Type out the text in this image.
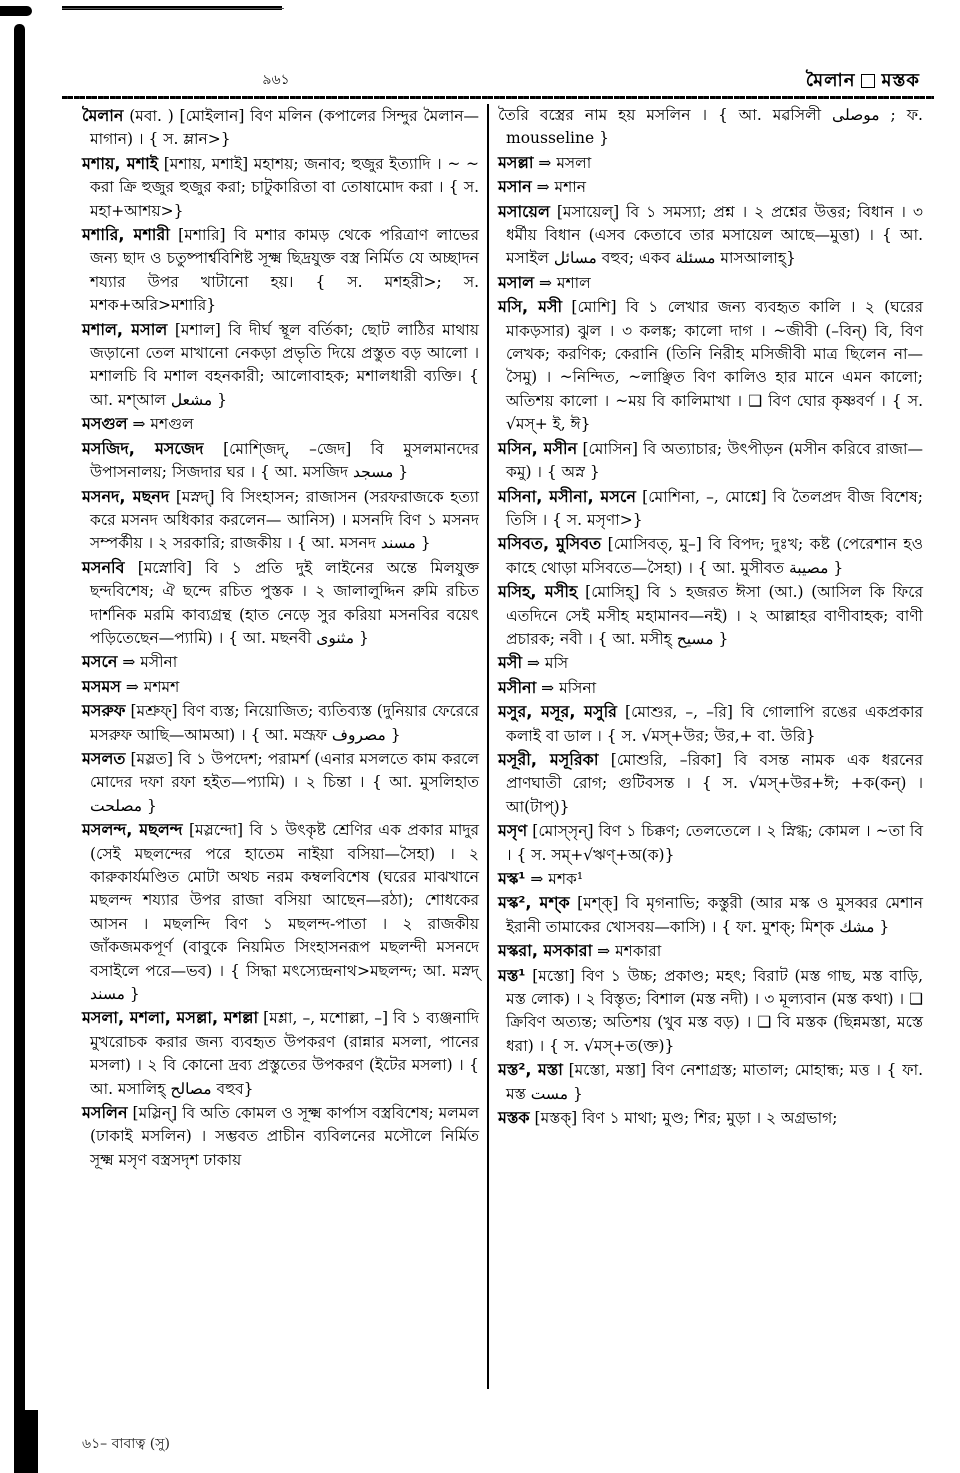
৯৬১	মৈলান মস্তক

মৈলান (মবা. ) [মোইলান] বিণ মলিন (কপালের সিন্দুর মৈলান— মাগান) । { স. ম্লান>}

মশায়, মশাই [মশায়, মশাই] মহাশয়; জনাব; হুজুর ইত্যাদি । ~ ~ করা ক্রি হুজুর হুজুর করা; চাটুকারিতা বা তোষামোদ করা । { স. মহা+আশয়>}

মশারি, মশারী [মশারি] বি মশার কামড় থেকে পরিত্রাণ লাভের জন্য ছাদ ও চতুষ্পার্শ্ববিশিষ্ট সূক্ষ্ম ছিদ্রযুক্ত বস্ত্র নির্মিত যে অচ্ছাদন শয্যার উপর খাটানো হয়। { স. মশহরী>; স. মশক+অরি>মশারি}

মশাল, মসাল [মশাল] বি দীর্ঘ স্থূল বর্তিকা; ছোট লাঠির মাথায় জড়ানো তেল মাখানো নেকড়া প্রভৃতি দিয়ে প্রস্তুত বড় আলো । মশালচি বি মশাল বহনকারী; আলোবাহক; মশালধারী ব্যক্তি। { আ. মশ্আল مشعل }

মসগুল ⇒ মশগুল

মসজিদ, মসজেদ [মোশ্জিদ্, –জেদ] বি মুসলমানদের উপাসনালয়; সিজদার ঘর । { আ. মসজিদ مسجد }

মসনদ, মছনদ [মস্নদ্] বি সিংহাসন; রাজাসন (সরফরাজকে হত্যা করে মসনদ অধিকার করলেন— আনিস) । মসনদি বিণ ১ মসনদ সম্পর্কীয় । ২ সরকারি; রাজকীয় । { আ. মসনদ مسند }

মসনবি [মস্নোবি] বি ১ প্রতি দুই লাইনের অন্তে মিলযুক্ত ছন্দবিশেষ; ঐ ছন্দে রচিত পুস্তক । ২ জালালুদ্দিন রুমি রচিত দার্শনিক মরমি কাব্যগ্রন্থ (হাত নেড়ে সুর করিয়া মসনবির বয়েৎ পড়িতেছেন—প্যামি) । { আ. মছনবী مثنوی }

মসনে ⇒ মসীনা

মসমস ⇒ মশমশ

মসরুফ [মশ্রুফ্] বিণ ব্যস্ত; নিয়োজিত; ব্যতিব্যস্ত (দুনিয়ার ফেরেরে মসরুফ আছি—আমআ) । { আ. মস্রূফ مصروف }

মসলত [মস্লত] বি ১ উপদেশ; পরামর্শ (এনার মসলতে কাম করলে মোদের দফা রফা হইত—প্যামি) । ২ চিন্তা । { আ. মুসলিহাত مصلحت }

মসলন্দ, মছলন্দ [মস্লন্দো] বি ১ উৎকৃষ্ট শ্রেণির এক প্রকার মাদুর (সেই মছলন্দের পরে হাতেম নাইয়া বসিয়া—সৈহা) । ২ কারুকার্যমণ্ডিত মোটা অথচ নরম কম্বলবিশেষ (ঘরের মাঝখানে মছলন্দ শয্যার উপর রাজা বসিয়া আছেন—রঠা); শোধকের আসন । মছলন্দি বিণ ১ মছলন্দ-পাতা । ২ রাজকীয় জাঁকজমকপূর্ণ (বাবুকে নিয়মিত সিংহাসনরূপ মছলন্দী মসনদে বসাইলে পরে—ভব) । { সিদ্ধা মৎস্যেন্দ্রনাথ>মছলন্দ; আ. মস্নদ্ مسند }

মসলা, মশলা, মসল্লা, মশল্লা [মশ্লা, –, মশোল্লা, –] বি ১ ব্যঞ্জনাদি মুখরোচক করার জন্য ব্যবহৃত উপকরণ (রান্নার মসলা, পানের মসলা) । ২ বি কোনো দ্রব্য প্রস্তুতের উপকরণ (ইটের মসলা) । { আ. মসালিহ্ مصالح বহুব}

মসলিন [মস্লিন্] বি অতি কোমল ও সূক্ষ্ম কার্পাস বস্ত্রবিশেষ; মলমল (ঢাকাই মসলিন) । সম্ভবত প্রাচীন ব্যবিলনের মসৌলে নির্মিত সূক্ষ্ম মসৃণ বস্ত্রসদৃশ ঢাকায়

তৈরি বস্ত্রের নাম হয় মসলিন । { আ. মৱসিলী موصلی ; ফ. mousseline }

মসল্লা ⇒ মসলা

মসান ⇒ মশান

মসায়েল [মসায়েল্] বি ১ সমস্যা; প্রশ্ন । ২ প্রশ্নের উত্তর; বিধান । ৩ ধর্মীয় বিধান (এসব কেতাবে তার মসায়েল আছে—মুত্তা) । { আ. মসাইল مسائل বহুব; একব مسئلة মাসআলাহ্}

মসাল ⇒ মশাল

মসি, মসী [মোশি] বি ১ লেখার জন্য ব্যবহৃত কালি । ২ (ঘরের মাকড়সার) ঝুল । ৩ কলঙ্ক; কালো দাগ । ~জীবী (–বিন্) বি, বিণ লেখক; করণিক; কেরানি (তিনি নিরীহ মসিজীবী মাত্র ছিলেন না—সৈমু) । ~নিন্দিত, ~লাঞ্ছিত বিণ কালিও হার মানে এমন কালো; অতিশয় কালো । ~ময় বি কালিমাখা । ❑ বিণ ঘোর কৃষ্ণবর্ণ । { স. √মস্+ ই, ঈ}

মসিন, মসীন [মোসিন] বি অত্যাচার; উৎপীড়ন (মসীন করিবে রাজা—কমু) । { অস্ন }

মসিনা, মসীনা, মসনে [মোশিনা, –, মোশ্নে] বি তৈলপ্রদ বীজ বিশেষ; তিসি । { স. মসৃণা>}

মসিবত, মুসিবত [মোসিবত্, মু–] বি বিপদ; দুঃখ; কষ্ট (পেরেশান হও কাহে থোড়া মসিবতে—সৈহা) । { আ. মুসীবত مصيبة }

মসিহ, মসীহ [মোসিহ্] বি ১ হজরত ঈসা (আ.) (আসিল কি ফিরে এতদিনে সেই মসীহ মহামানব—নই) । ২ আল্লাহর বাণীবাহক; বাণী প্রচারক; নবী । { আ. মসীহ্ مسيح }

মসী ⇒ মসি

মসীনা ⇒ মসিনা

মসুর, মসূর, মসুরি [মোশুর, –, –রি] বি গোলাপি রঙের একপ্রকার কলাই বা ডাল । { স. √মস্+উর; উর,+ বা. উরি}

মসূরী, মসূরিকা [মোশুরি, –রিকা] বি বসন্ত নামক এক ধরনের প্রাণঘাতী রোগ; গুটিবসন্ত । { স. √মস্+উর+ঈ; +ক(কন্) । আ(টাপ্)}

মসৃণ [মোস্সৃন্] বিণ ১ চিক্কণ; তেলতেলে । ২ স্নিগ্ধ; কোমল । ~তা বি । { স. সম্+√ঋণ্+অ(ক)}

মস্ক¹ ⇒ মশক¹

মস্ক², মশ্ক [মশ্ক্] বি মৃগনাভি; কস্তুরী (আর মস্ক ও মুসব্বর মেশান ইরানী তামাকের খোসবয়—কাসি) । { ফা. মুশক্; মিশ্ক مشك }

মস্করা, মসকারা ⇒ মশকারা

মস্ত¹ [মস্তো] বিণ ১ উচ্চ; প্রকাণ্ড; মহৎ; বিরাট (মস্ত গাছ, মস্ত বাড়ি, মস্ত লোক) । ২ বিস্তৃত; বিশাল (মস্ত নদী) । ৩ মূল্যবান (মস্ত কথা) । ❑ ক্রিবিণ অত্যন্ত; অতিশয় (খুব মস্ত বড়) । ❑ বি মস্তক (ছিন্নমস্তা, মস্তে ধরা) । { স. √মস্+ত(ক্ত)}

মস্ত², মস্তা [মস্তো, মস্তা] বিণ নেশাগ্রস্ত; মাতাল; মোহান্ধ; মত্ত । { ফা. মস্ত مست }

মস্তক [মস্তক্] বিণ ১ মাথা; মুণ্ড; শির; মুড়া । ২ অগ্রভাগ;

৬১– বাবাত্ব (সু)
